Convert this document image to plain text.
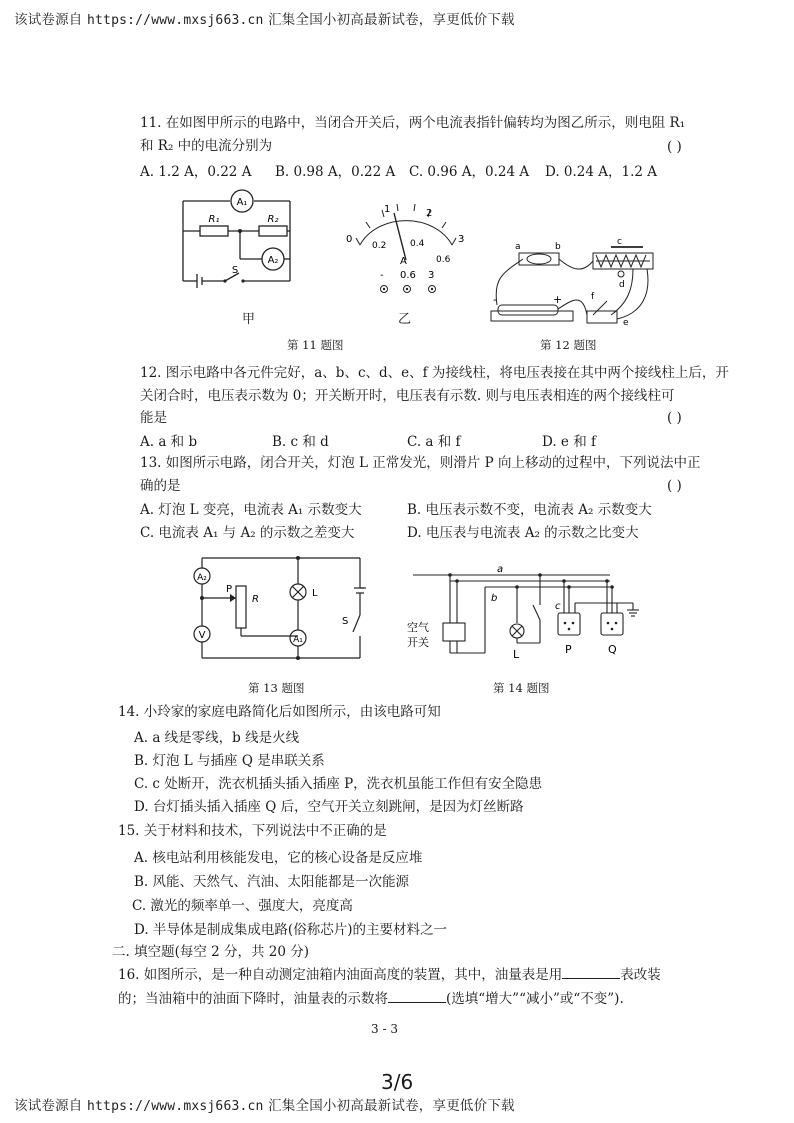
该试卷源自 https://www.mxsj663.cn 汇集全国小初高最新试卷，享更低价下载
11. 在如图甲所示的电路中，当闭合开关后，两个电流表指针偏转均为图乙所示，则电阻 R₁
和 R₂ 中的电流分别为	( )
A. 1.2 A，0.22 A B. 0.98 A，0.22 A C. 0.96 A，0.24 A D. 0.24 A，1.2 A
A₁
A₂
R₁	R₂
S
甲
1	2
0	3
0.2	0.4
0.6
A
- 0.6 3
乙
第 11 题图
a	b	c
d
e
f
-	+
第 12 题图
12. 图示电路中各元件完好，a、b、c、d、e、f 为接线柱，将电压表接在其中两个接线柱上后，开
关闭合时，电压表示数为 0；开关断开时，电压表有示数. 则与电压表相连的两个接线柱可
能是	( )
A. a 和 b	B. c 和 d	C. a 和 f	D. e 和 f
13. 如图所示电路，闭合开关，灯泡 L 正常发光，则滑片 P 向上移动的过程中，下列说法中正
确的是	( )
A. 灯泡 L 变亮，电流表 A₁ 示数变大	B. 电压表示数不变，电流表 A₂ 示数变大
C. 电流表 A₁ 与 A₂ 的示数之差变大	D. 电压表与电流表 A₂ 的示数之比变大
A₂
V	A₁
P
R
L
S
第 13 题图
a
b
c
空气
开关
L	P	Q
第 14 题图
14. 小玲家的家庭电路简化后如图所示，由该电路可知
A. a 线是零线，b 线是火线
B. 灯泡 L 与插座 Q 是串联关系
C. c 处断开，洗衣机插头插入插座 P，洗衣机虽能工作但有安全隐患
D. 台灯插头插入插座 Q 后，空气开关立刻跳闸，是因为灯丝断路
15. 关于材料和技术，下列说法中不正确的是
A. 核电站利用核能发电，它的核心设备是反应堆
B. 风能、天然气、汽油、太阳能都是一次能源
C. 激光的频率单一、强度大，亮度高
D. 半导体是制成集成电路(俗称芯片)的主要材料之一
二. 填空题(每空 2 分，共 20 分)
16. 如图所示，是一种自动测定油箱内油面高度的装置，其中，油量表是用	表改装
的；当油箱中的油面下降时，油量表的示数将	(选填“增大”“减小”或“不变”).
3 - 3
3/6
该试卷源自 https://www.mxsj663.cn 汇集全国小初高最新试卷，享更低价下载
